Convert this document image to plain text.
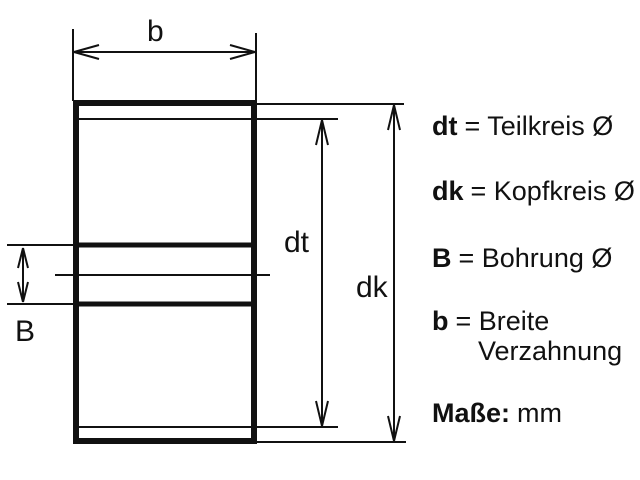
b
dt
dk
B
dt = Teilkreis Ø
dk = Kopfkreis Ø
B = Bohrung Ø
b = Breite
Verzahnung
Maße: mm
